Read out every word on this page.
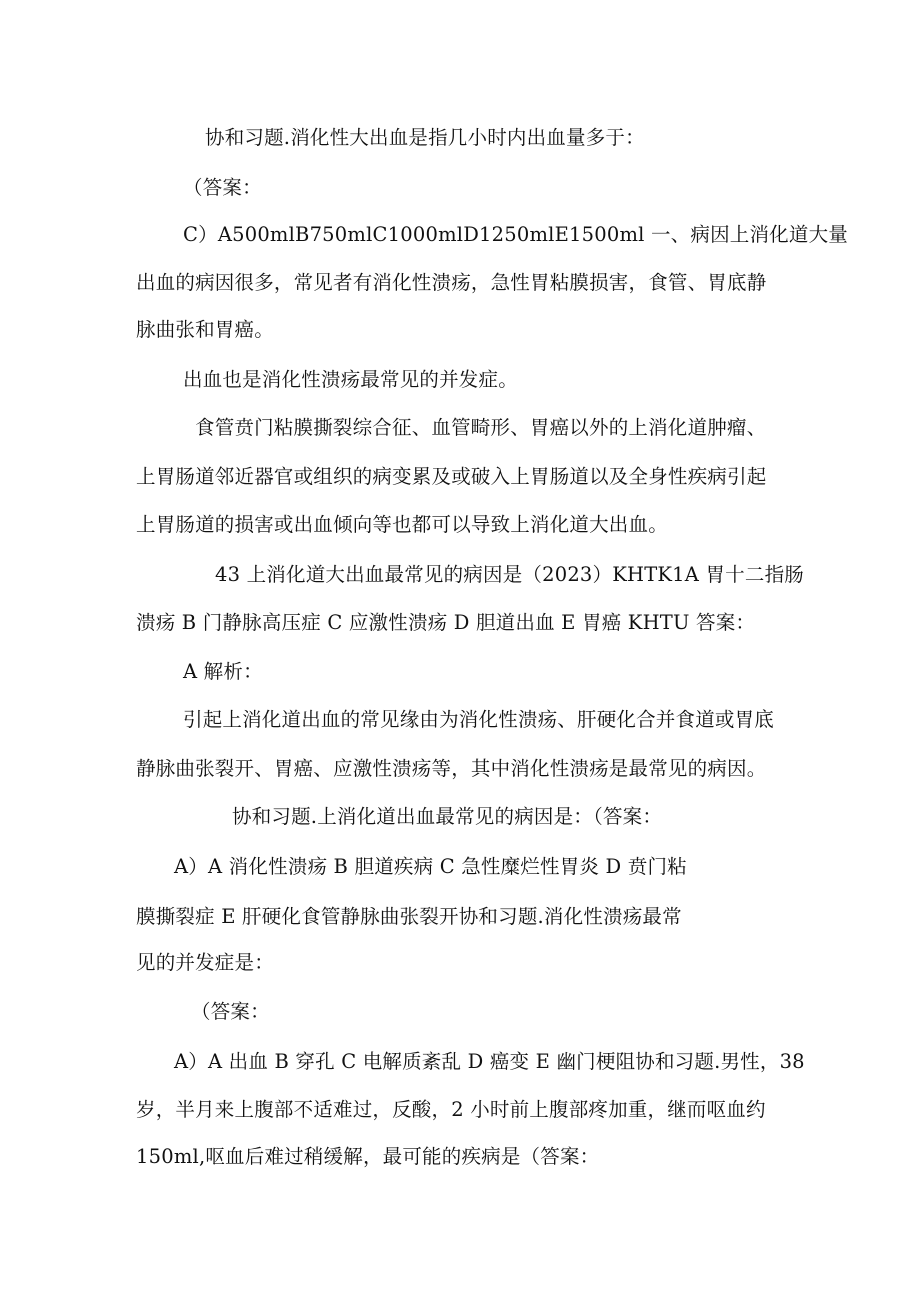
协和习题.消化性大出血是指几小时内出血量多于：
（答案：
C）A500mlB750mlC1000mlD1250mlE1500ml 一、病因上消化道大量
出血的病因很多，常见者有消化性溃疡，急性胃粘膜损害，食管、胃底静
脉曲张和胃癌。
出血也是消化性溃疡最常见的并发症。
食管贲门粘膜撕裂综合征、血管畸形、胃癌以外的上消化道肿瘤、
上胃肠道邻近器官或组织的病变累及或破入上胃肠道以及全身性疾病引起
上胃肠道的损害或出血倾向等也都可以导致上消化道大出血。
43 上消化道大出血最常见的病因是（2023）KHTK1A 胃十二指肠
溃疡 B 门静脉高压症 C 应激性溃疡 D 胆道出血 E 胃癌 KHTU 答案：
A 解析：
引起上消化道出血的常见缘由为消化性溃疡、肝硬化合并食道或胃底
静脉曲张裂开、胃癌、应激性溃疡等，其中消化性溃疡是最常见的病因。
协和习题.上消化道出血最常见的病因是：（答案：
A）A 消化性溃疡 B 胆道疾病 C 急性糜烂性胃炎 D 贲门粘
膜撕裂症 E 肝硬化食管静脉曲张裂开协和习题.消化性溃疡最常
见的并发症是：
（答案：
A）A 出血 B 穿孔 C 电解质紊乱 D 癌变 E 幽门梗阻协和习题.男性，38
岁，半月来上腹部不适难过，反酸，2 小时前上腹部疼加重，继而呕血约
150ml,呕血后难过稍缓解，最可能的疾病是（答案：
